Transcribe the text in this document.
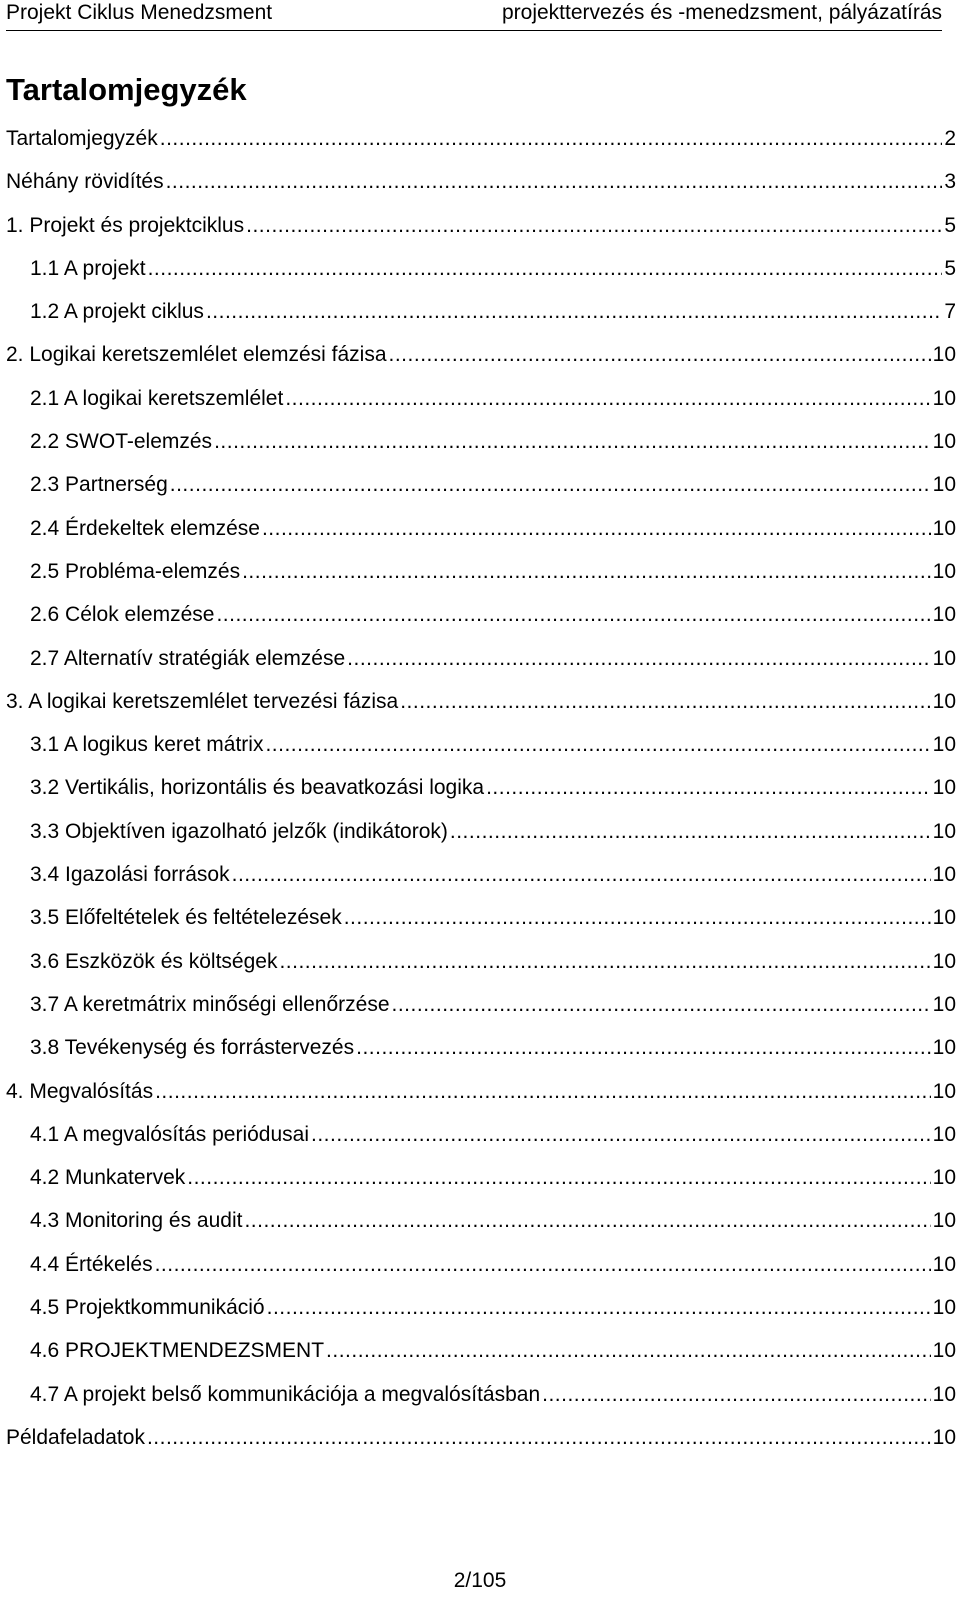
Projekt Ciklus Menedzsment	projekttervezés és -menedzsment, pályázatírás
Tartalomjegyzék
Tartalomjegyzék .....	2
Néhány rövidítés .....	3
1. Projekt és projektciklus .....	5
1.1 A projekt .....	5
1.2 A projekt ciklus .....	7
2. Logikai keretszemlélet elemzési fázisa .....	10
2.1 A logikai keretszemlélet .....	10
2.2 SWOT-elemzés .....	10
2.3 Partnerség .....	10
2.4 Érdekeltek elemzése .....	10
2.5 Probléma-elemzés .....	10
2.6 Célok elemzése .....	10
2.7 Alternatív stratégiák elemzése .....	10
3. A logikai keretszemlélet tervezési fázisa .....	10
3.1 A logikus keret mátrix .....	10
3.2 Vertikális, horizontális és beavatkozási logika .....	10
3.3 Objektíven igazolható jelzők (indikátorok) .....	10
3.4 Igazolási források .....	10
3.5 Előfeltételek és feltételezések .....	10
3.6 Eszközök és költségek .....	10
3.7 A keretmátrix minőségi ellenőrzése .....	10
3.8 Tevékenység és forrástervezés .....	10
4. Megvalósítás .....	10
4.1 A megvalósítás periódusai .....	10
4.2 Munkatervek .....	10
4.3 Monitoring és audit .....	10
4.4 Értékelés .....	10
4.5 Projektkommunikáció .....	10
4.6 PROJEKTMENDEZSMENT .....	10
4.7 A projekt belső kommunikációja a megvalósításban .....	10
Példafeladatok .....	10
2/105
